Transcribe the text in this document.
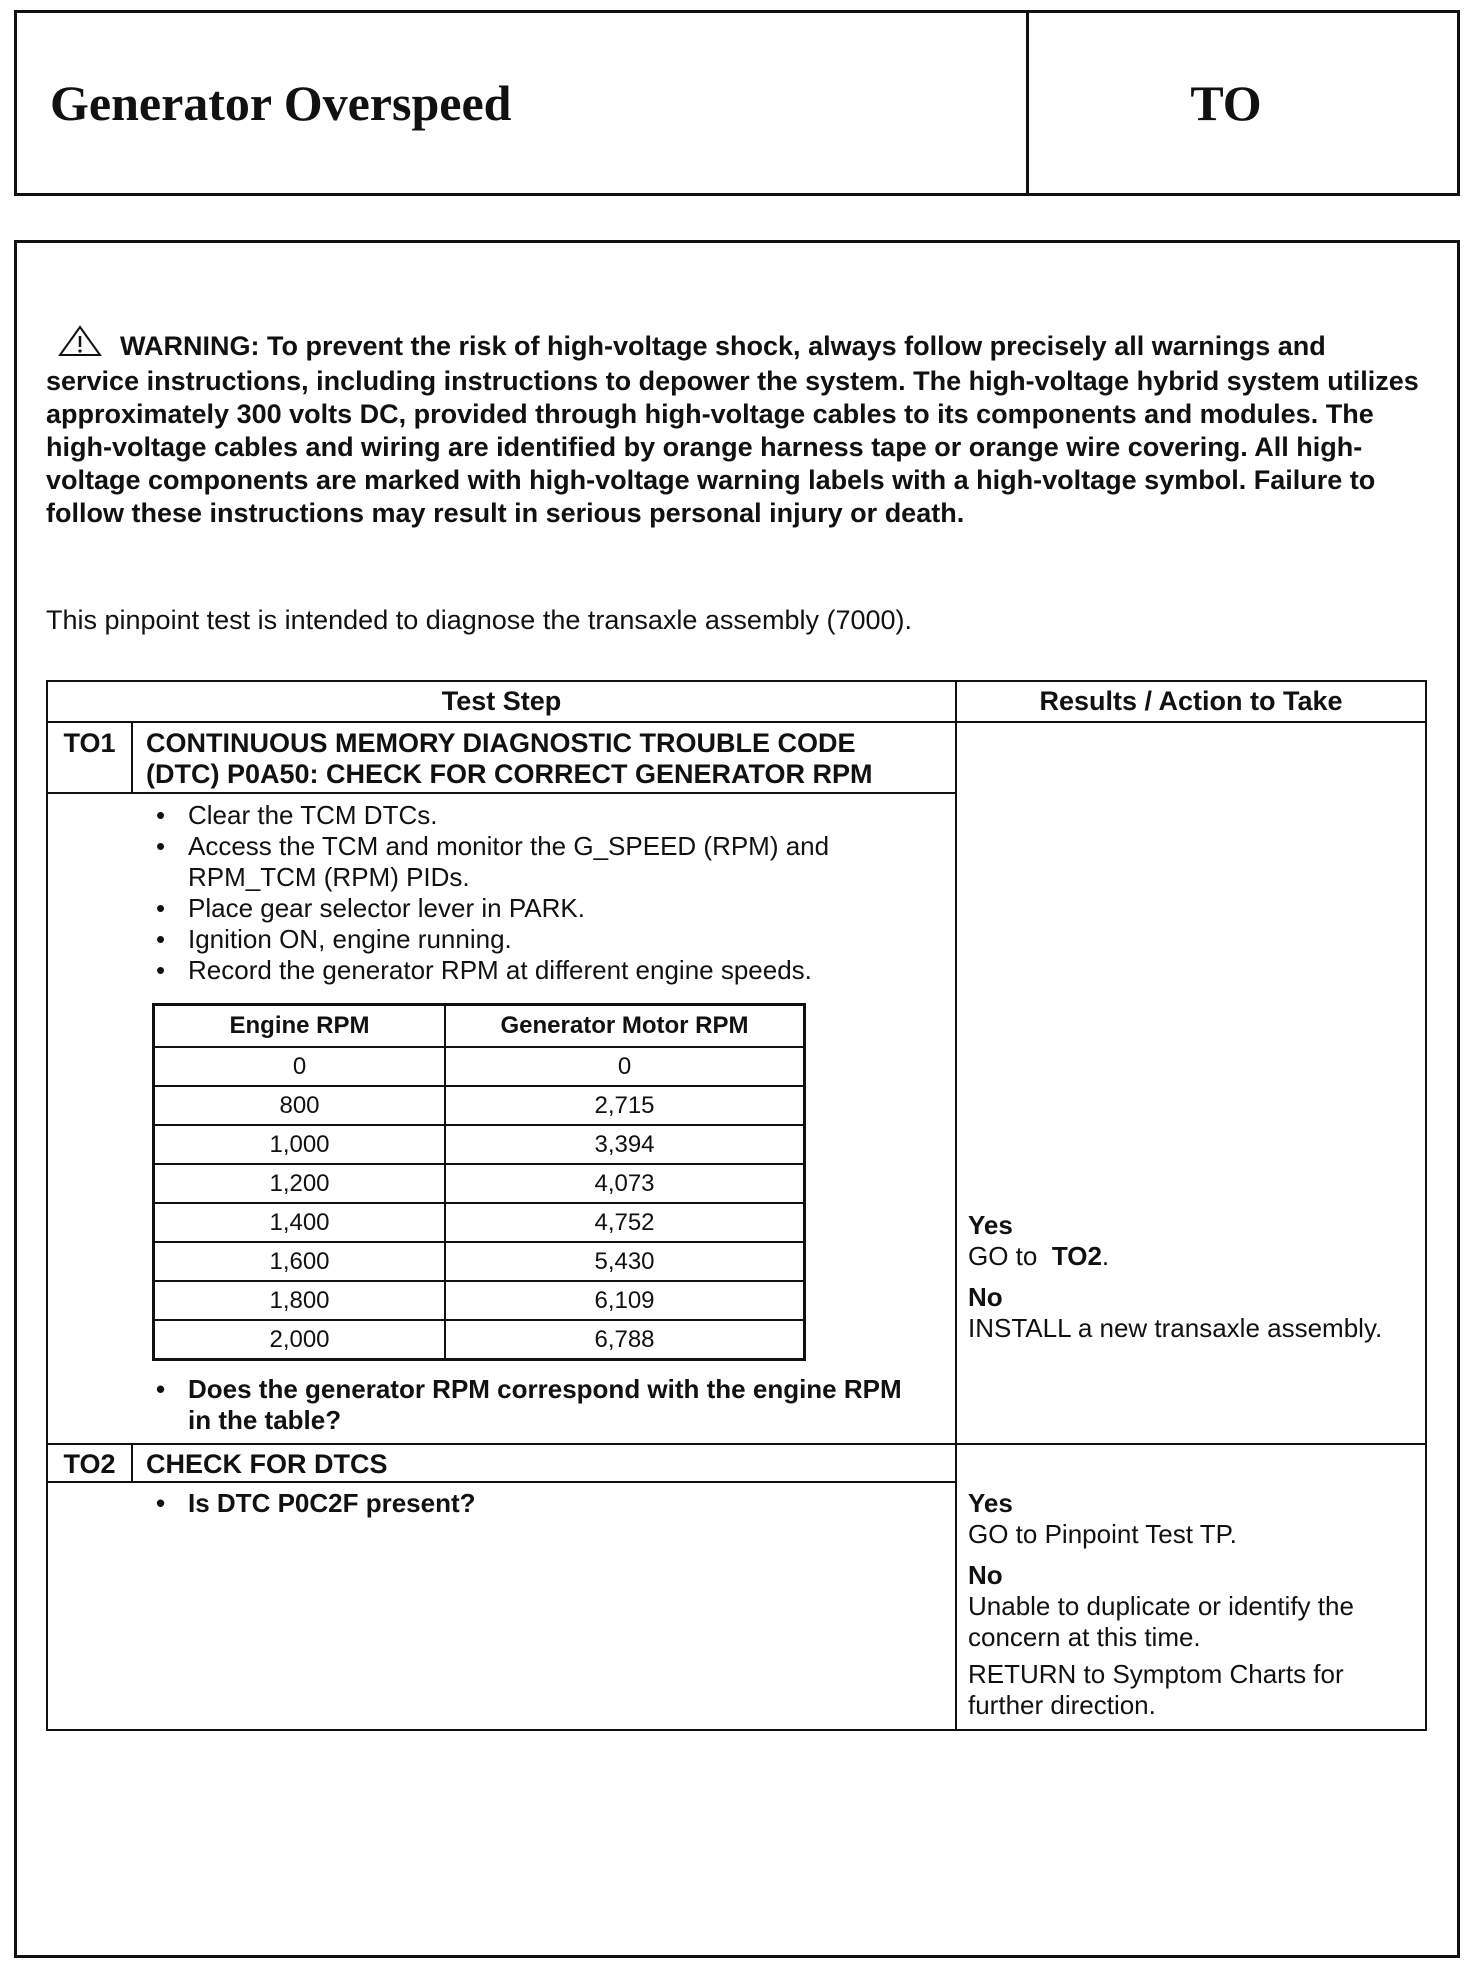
Generator Overspeed	TO
WARNING: To prevent the risk of high-voltage shock, always follow precisely all warnings and service instructions, including instructions to depower the system. The high-voltage hybrid system utilizes approximately 300 volts DC, provided through high-voltage cables to its components and modules. The high-voltage cables and wiring are identified by orange harness tape or orange wire covering. All high-voltage components are marked with high-voltage warning labels with a high-voltage symbol. Failure to follow these instructions may result in serious personal injury or death.
This pinpoint test is intended to diagnose the transaxle assembly (7000).
Test Step	Results / Action to Take
TO1	CONTINUOUS MEMORY DIAGNOSTIC TROUBLE CODE
(DTC) P0A50: CHECK FOR CORRECT GENERATOR RPM
• Clear the TCM DTCs.
• Access the TCM and monitor the G_SPEED (RPM) and RPM_TCM (RPM) PIDs.
• Place gear selector lever in PARK.
• Ignition ON, engine running.
• Record the generator RPM at different engine speeds.
Engine RPM	Generator Motor RPM
0	0
800	2,715
1,000	3,394
1,200	4,073
1,400	4,752
1,600	5,430
1,800	6,109
2,000	6,788
• Does the generator RPM correspond with the engine RPM in the table?
Yes
GO to TO2.
No
INSTALL a new transaxle assembly.
TO2	CHECK FOR DTCS
• Is DTC P0C2F present?	Yes
GO to Pinpoint Test TP.
No
Unable to duplicate or identify the concern at this time.
RETURN to Symptom Charts for further direction.
